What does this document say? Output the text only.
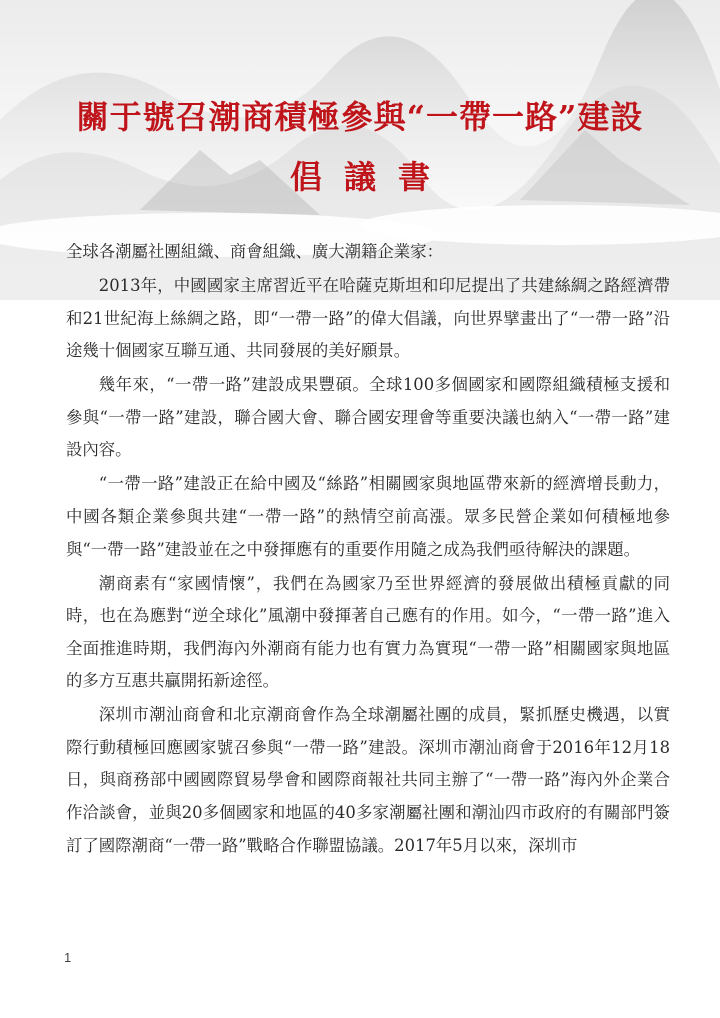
關于號召潮商積極參與“一帶一路”建設
倡議書

全球各潮屬社團組織、商會組織、廣大潮籍企業家：

2013年，中國國家主席習近平在哈薩克斯坦和印尼提出了共建絲綢之路經濟帶和21世紀海上絲綢之路，即“一帶一路”的偉大倡議，向世界擘畫出了“一帶一路”沿途幾十個國家互聯互通、共同發展的美好願景。

幾年來，“一帶一路”建設成果豐碩。全球100多個國家和國際組織積極支援和參與“一帶一路”建設，聯合國大會、聯合國安理會等重要決議也納入“一帶一路”建設內容。

“一帶一路”建設正在給中國及“絲路”相關國家與地區帶來新的經濟增長動力，中國各類企業參與共建“一帶一路”的熱情空前高漲。眾多民營企業如何積極地參與“一帶一路”建設並在之中發揮應有的重要作用隨之成為我們亟待解決的課題。

潮商素有“家國情懷”，我們在為國家乃至世界經濟的發展做出積極貢獻的同時，也在為應對“逆全球化”風潮中發揮著自己應有的作用。如今，“一帶一路”進入全面推進時期，我們海內外潮商有能力也有實力為實現“一帶一路”相關國家與地區的多方互惠共贏開拓新途徑。

深圳市潮汕商會和北京潮商會作為全球潮屬社團的成員，緊抓歷史機遇，以實際行動積極回應國家號召參與“一帶一路”建設。深圳市潮汕商會于2016年12月18日，與商務部中國國際貿易學會和國際商報社共同主辦了“一帶一路”海內外企業合作洽談會，並與20多個國家和地區的40多家潮屬社團和潮汕四市政府的有關部門簽訂了國際潮商“一帶一路”戰略合作聯盟協議。2017年5月以來，深圳市

1
